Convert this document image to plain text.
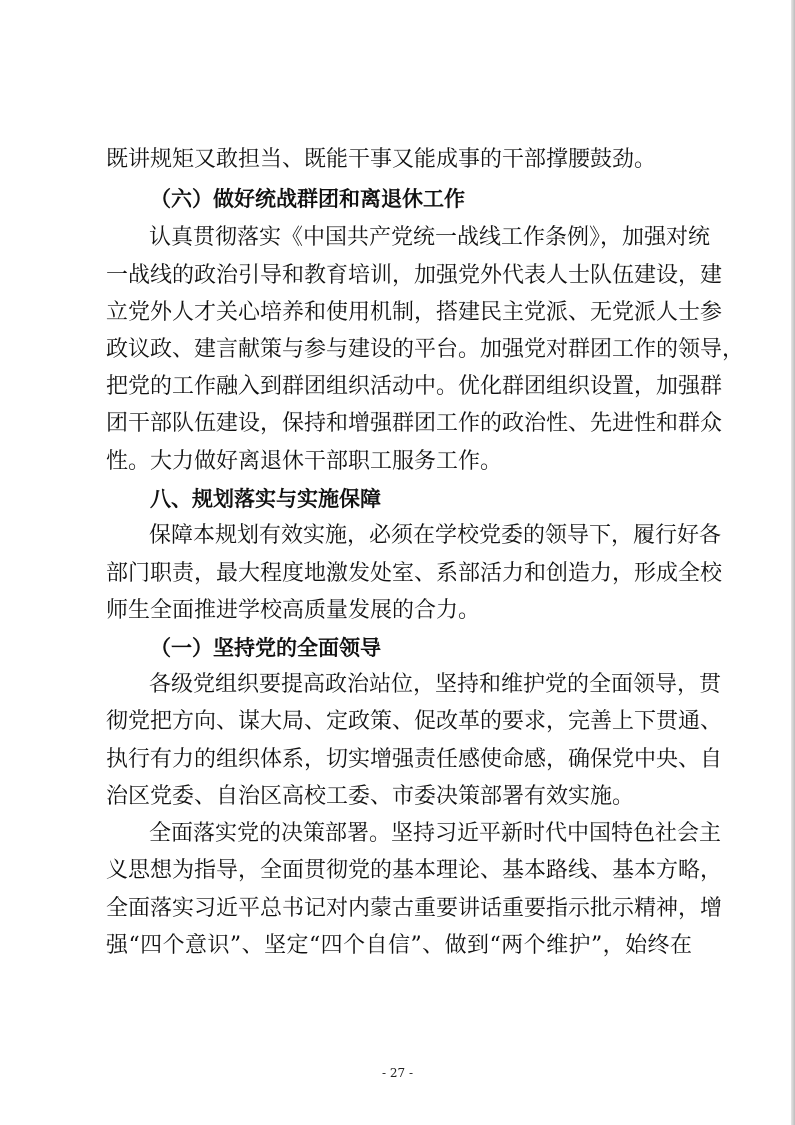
既讲规矩又敢担当、既能干事又能成事的干部撑腰鼓劲。
（六）做好统战群团和离退休工作
认真贯彻落实《中国共产党统一战线工作条例》，加强对统
一战线的政治引导和教育培训，加强党外代表人士队伍建设，建
立党外人才关心培养和使用机制，搭建民主党派、无党派人士参
政议政、建言献策与参与建设的平台。加强党对群团工作的领导，
把党的工作融入到群团组织活动中。优化群团组织设置，加强群
团干部队伍建设，保持和增强群团工作的政治性、先进性和群众
性。大力做好离退休干部职工服务工作。
八、规划落实与实施保障
保障本规划有效实施，必须在学校党委的领导下，履行好各
部门职责，最大程度地激发处室、系部活力和创造力，形成全校
师生全面推进学校高质量发展的合力。
（一）坚持党的全面领导
各级党组织要提高政治站位，坚持和维护党的全面领导，贯
彻党把方向、谋大局、定政策、促改革的要求，完善上下贯通、
执行有力的组织体系，切实增强责任感使命感，确保党中央、自
治区党委、自治区高校工委、市委决策部署有效实施。
全面落实党的决策部署。坚持习近平新时代中国特色社会主
义思想为指导，全面贯彻党的基本理论、基本路线、基本方略，
全面落实习近平总书记对内蒙古重要讲话重要指示批示精神，增
强“四个意识”、坚定“四个自信”、做到“两个维护”，始终在
- 27 -
